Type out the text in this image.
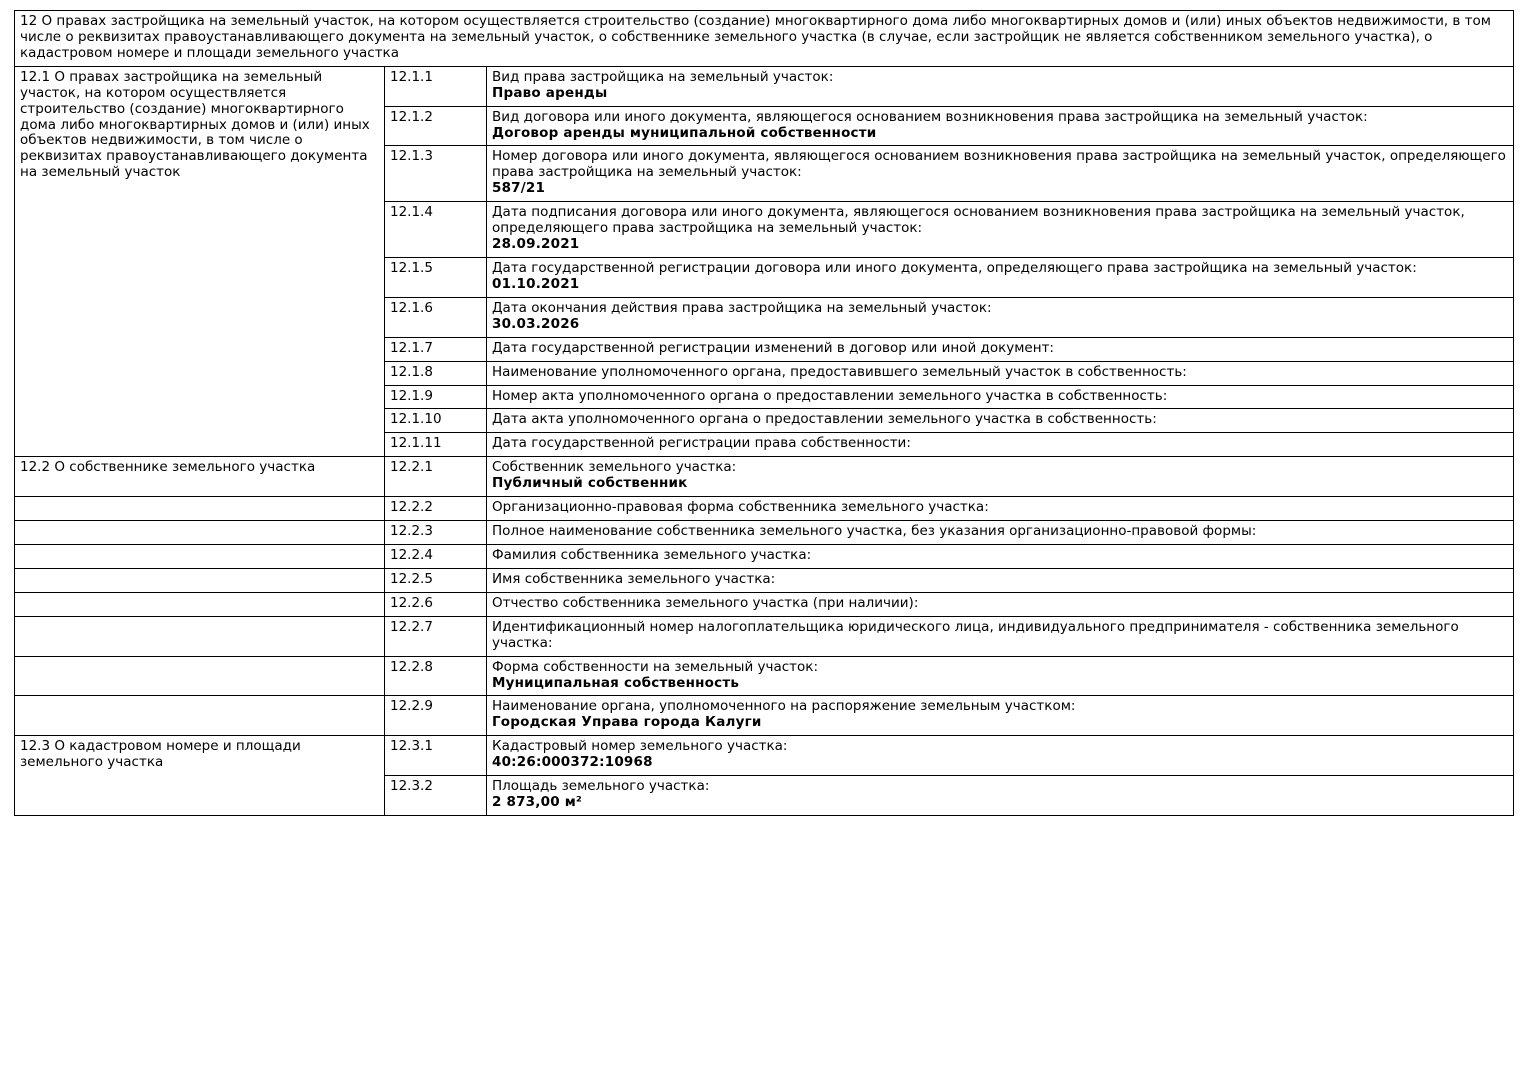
12 О правах застройщика на земельный участок, на котором осуществляется строительство (создание) многоквартирного дома либо многоквартирных домов и (или) иных объектов недвижимости, в том числе о реквизитах правоустанавливающего документа на земельный участок, о собственнике земельного участка (в случае, если застройщик не является собственником земельного участка), о кадастровом номере и площади земельного участка		
12.1 О правах застройщика на земельный участок, на котором осуществляется строительство (создание) многоквартирного дома либо многоквартирных домов и (или) иных объектов недвижимости, в том числе о реквизитах правоустанавливающего документа на земельный участок	12.1.1	Вид права застройщика на земельный участок:
Право аренды

	12.1.2	Вид договора или иного документа, являющегося основанием возникновения права застройщика на земельный участок:
Договор аренды муниципальной собственности

	12.1.3	Номер договора или иного документа, являющегося основанием возникновения права застройщика на земельный участок, определяющего права застройщика на земельный участок:
587/21

	12.1.4	Дата подписания договора или иного документа, являющегося основанием возникновения права застройщика на земельный участок, определяющего права застройщика на земельный участок:
28.09.2021

	12.1.5	Дата государственной регистрации договора или иного документа, определяющего права застройщика на земельный участок:
01.10.2021

	12.1.6	Дата окончания действия права застройщика на земельный участок:
30.03.2026

	12.1.7	Дата государственной регистрации изменений в договор или иной документ:

	12.1.8	Наименование уполномоченного органа, предоставившего земельный участок в собственность:

	12.1.9	Номер акта уполномоченного органа о предоставлении земельного участка в собственность:

	12.1.10	Дата акта уполномоченного органа о предоставлении земельного участка в собственность:

	12.1.11	Дата государственной регистрации права собственности:

12.2 О собственнике земельного участка	12.2.1	Собственник земельного участка:
Публичный собственник

	12.2.2	Организационно-правовая форма собственника земельного участка:

	12.2.3	Полное наименование собственника земельного участка, без указания организационно-правовой формы:

	12.2.4	Фамилия собственника земельного участка:

	12.2.5	Имя собственника земельного участка:

	12.2.6	Отчество собственника земельного участка (при наличии):

	12.2.7	Идентификационный номер налогоплательщика юридического лица, индивидуального предпринимателя - собственника земельного участка:

	12.2.8	Форма собственности на земельный участок:
Муниципальная собственность

	12.2.9	Наименование органа, уполномоченного на распоряжение земельным участком:
Городская Управа города Калуги

12.3 О кадастровом номере и площади земельного участка	12.3.1	Кадастровый номер земельного участка:
40:26:000372:10968

	12.3.2	Площадь земельного участка:
2 873,00 м²
